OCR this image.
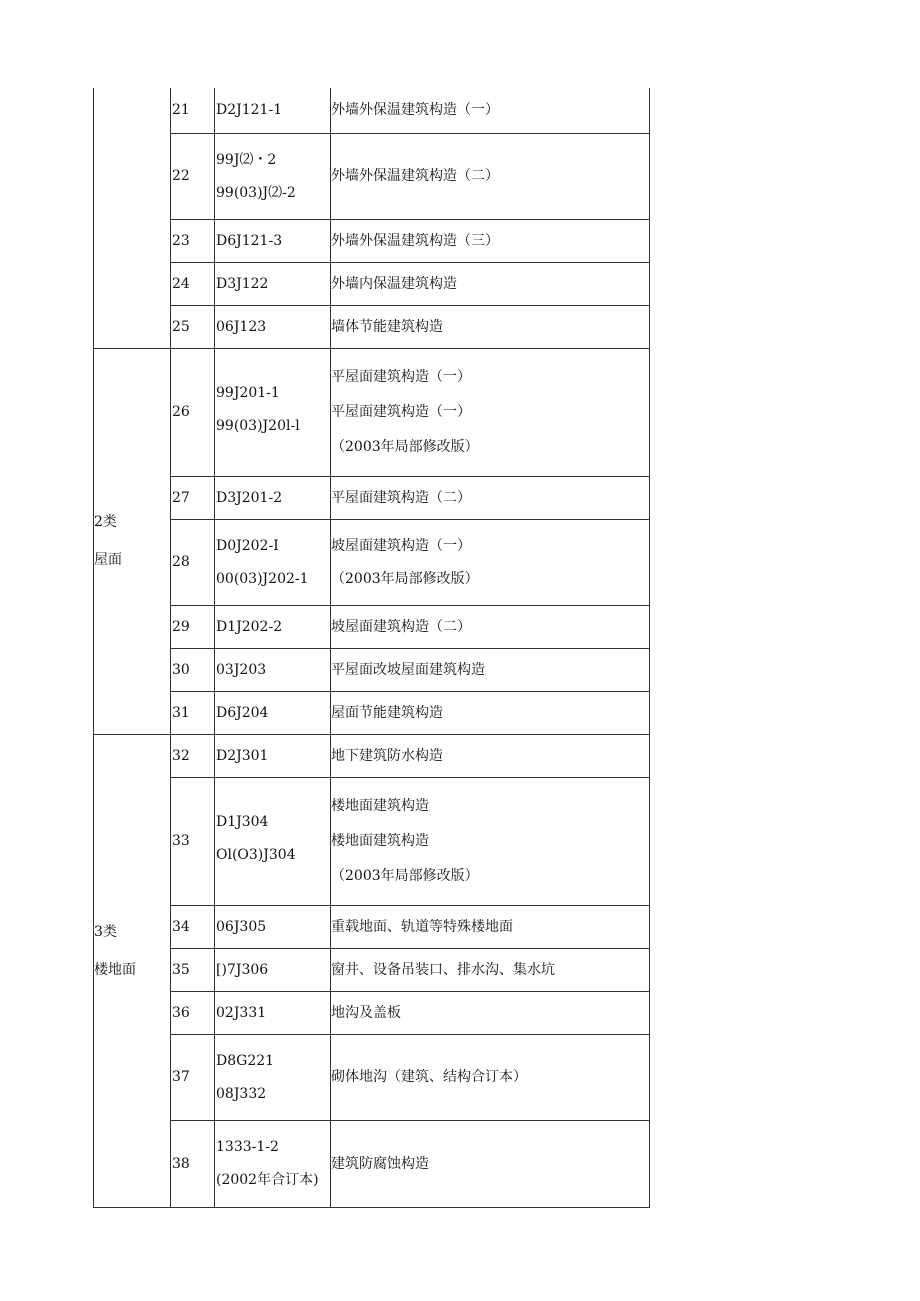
	21	D2J121-1	外墙外保温建筑构造（一）

	22	99J⑵・2
99(03)J⑵-2	外墙外保温建筑构造（二）

	23	D6J121-3	外墙外保温建筑构造（三）

	24	D3J122	外墙内保温建筑构造

	25	06J123	墙体节能建筑构造

2类
屋面	26	99J201-1
99(03)J20l-l	平屋面建筑构造（一）
平屋面建筑构造（一）
（2003年局部修改版）

	27	D3J201-2	平屋面建筑构造（二）

	28	D0J202-I
00(03)J202-1	坡屋面建筑构造（一）
（2003年局部修改版）

	29	D1J202-2	坡屋面建筑构造（二）

	30	03J203	平屋面改坡屋面建筑构造

	31	D6J204	屋面节能建筑构造

3类
楼地面	32	D2J301	地下建筑防水构造

	33	D1J304
Ol(O3)J304	楼地面建筑构造
楼地面建筑构造
（2003年局部修改版）

	34	06J305	重载地面、轨道等特殊楼地面

	35	[)7J306	窗井、设备吊装口、排水沟、集水坑

	36	02J331	地沟及盖板

	37	D8G221
08J332	砌体地沟（建筑、结构合订本）

	38	1333-1-2
(2002年合订本)	建筑防腐蚀构造
